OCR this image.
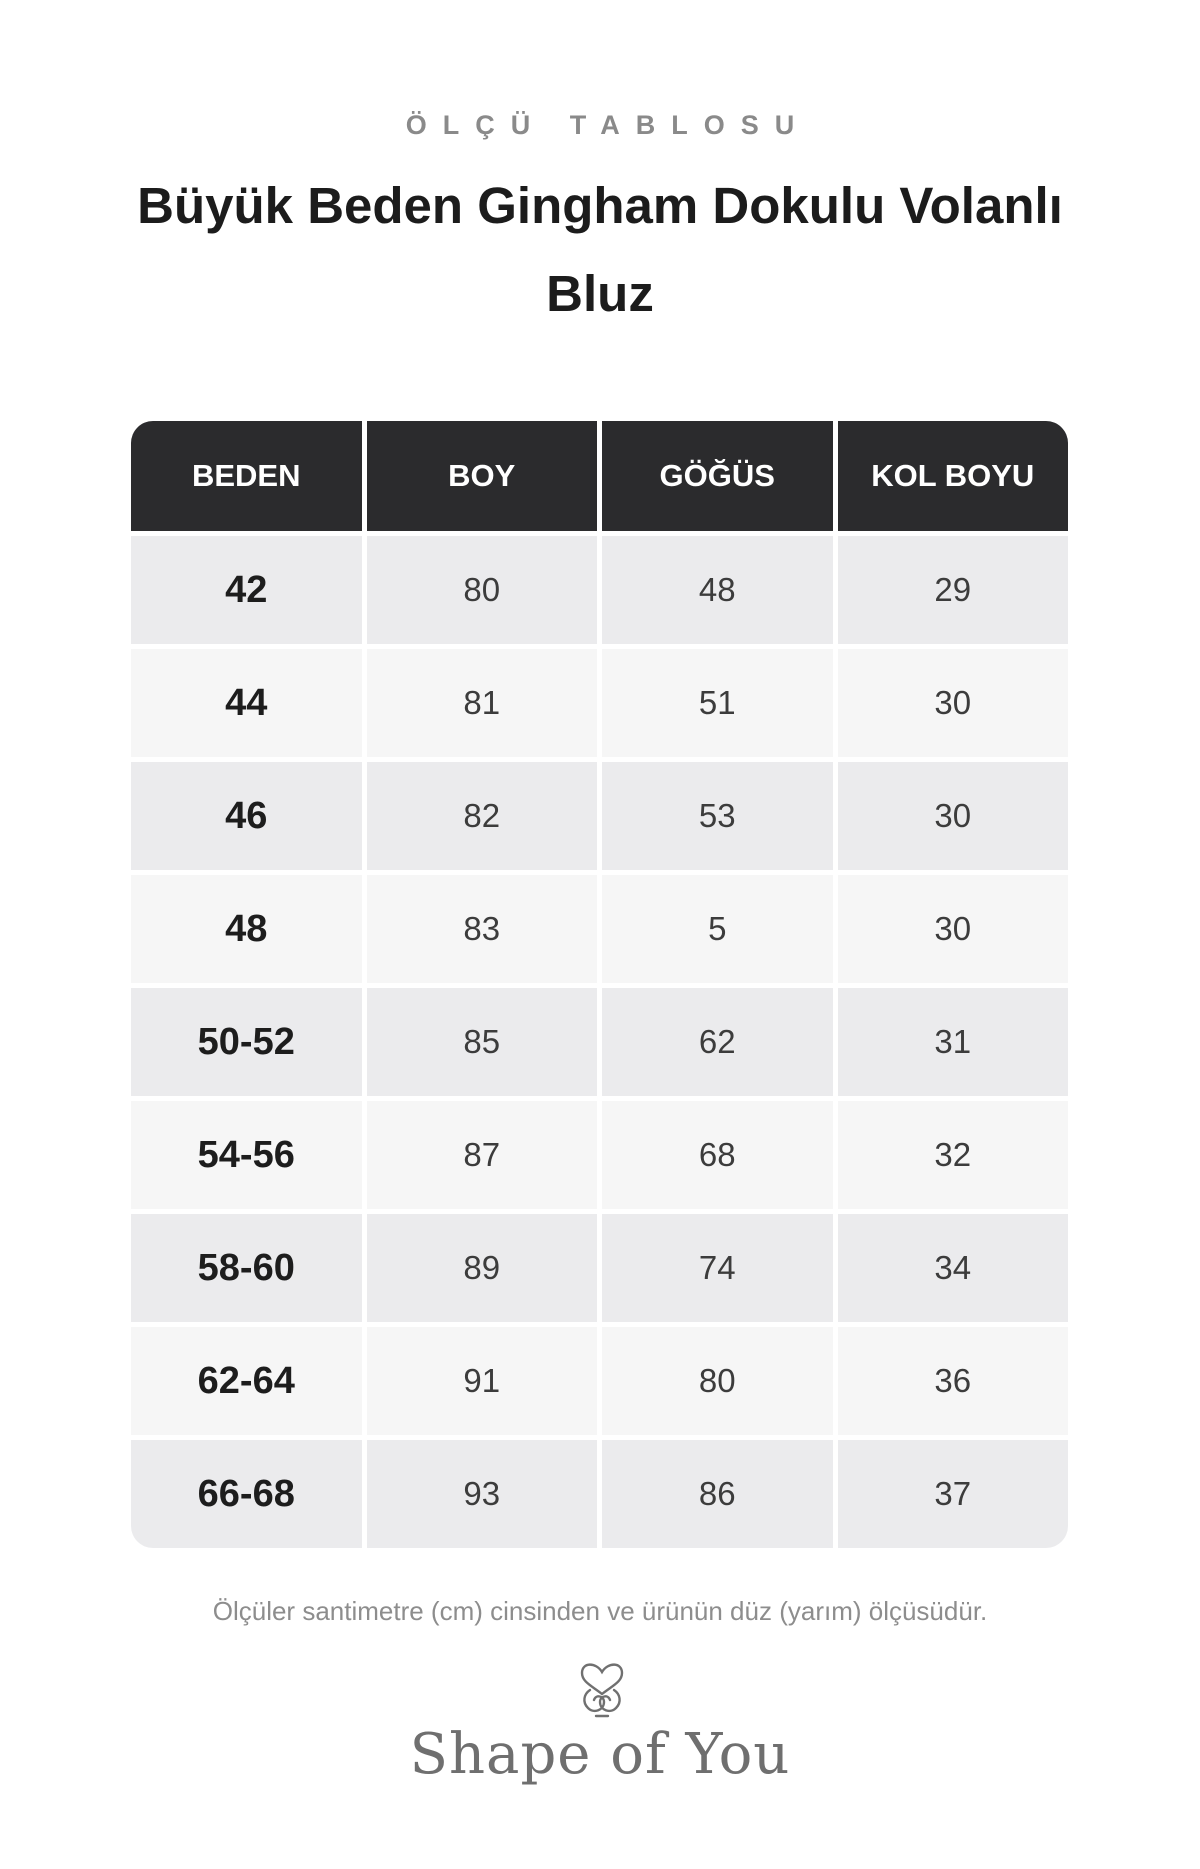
ÖLÇÜ TABLOSU
Büyük Beden Gingham Dokulu Volanlı Bluz
BEDEN	BOY	GÖĞÜS	KOL BOYU
42	80	48	29
44	81	51	30
46	82	53	30
48	83	5	30
50-52	85	62	31
54-56	87	68	32
58-60	89	74	34
62-64	91	80	36
66-68	93	86	37
Ölçüler santimetre (cm) cinsinden ve ürünün düz (yarım) ölçüsüdür.
Shape of You
